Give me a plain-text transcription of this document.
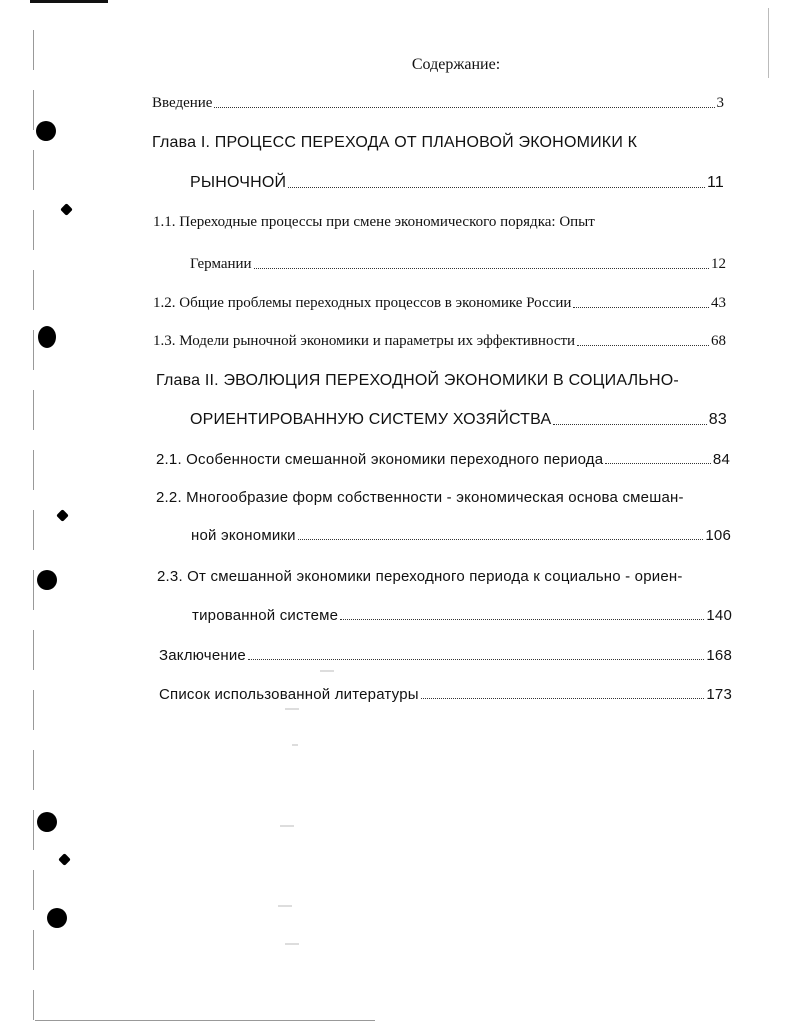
Содержание:
Введение	3
Глава I. ПРОЦЕСС ПЕРЕХОДА ОТ ПЛАНОВОЙ ЭКОНОМИКИ К
РЫНОЧНОЙ	11
1.1. Переходные процессы при смене экономического порядка: Опыт
Германии	12
1.2. Общие проблемы переходных процессов в экономике России	43
1.3. Модели рыночной экономики и параметры их эффективности	68
Глава II. ЭВОЛЮЦИЯ ПЕРЕХОДНОЙ ЭКОНОМИКИ В СОЦИАЛЬНО-
ОРИЕНТИРОВАННУЮ СИСТЕМУ ХОЗЯЙСТВА	83
2.1. Особенности смешанной экономики переходного периода	84
2.2. Многообразие форм собственности - экономическая основа смешан-
ной экономики	106
2.3. От смешанной экономики переходного периода к социально - ориен-
тированной системе	140
Заключение	168
Список использованной литературы	173
